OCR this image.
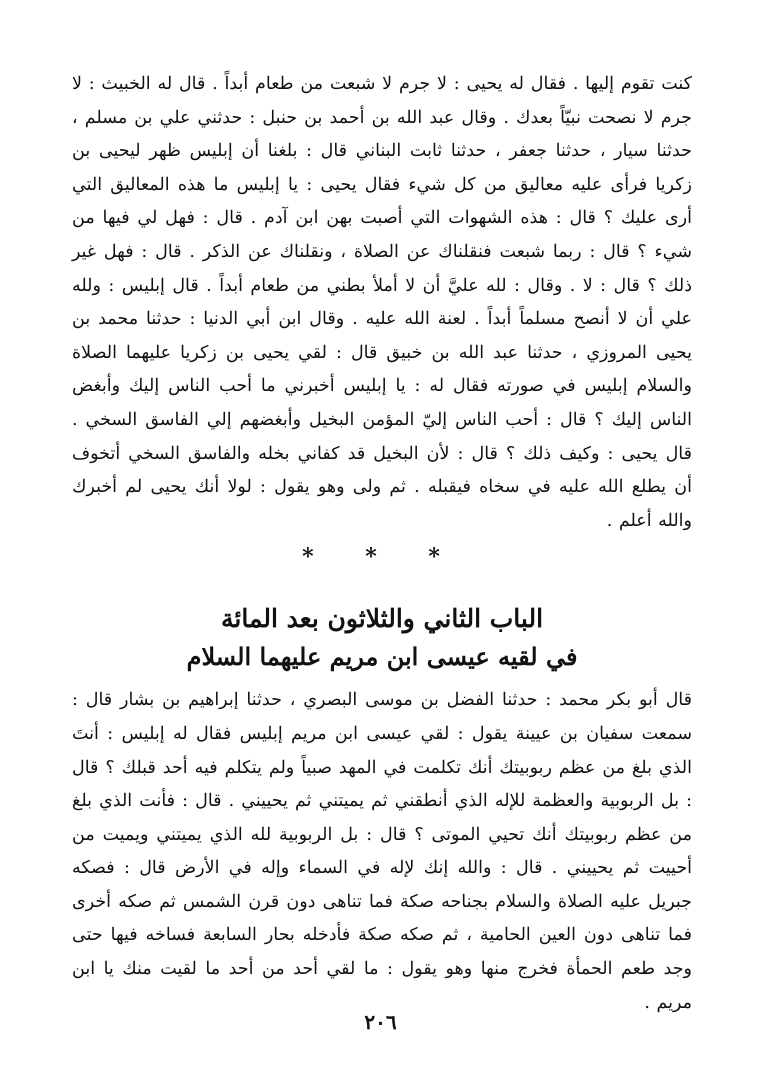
كنت تقوم إليها . فقال له يحيى : لا جرم لا شبعت من طعام أبداً . قال له الخبيث : لا جرم لا نصحت نبيّاً بعدك . وقال عبد الله بن أحمد بن حنبل : حدثني علي بن مسلم ، حدثنا سيار ، حدثنا جعفر ، حدثنا ثابت البناني قال : بلغنا أن إبليس ظهر ليحيى بن زكريا فرأى عليه معاليق من كل شيء فقال يحيى : يا إبليس ما هذه المعاليق التي أرى عليك ؟ قال : هذه الشهوات التي أصبت بهن ابن آدم . قال : فهل لي فيها من شيء ؟ قال : ربما شبعت فنقلناك عن الصلاة ، ونقلناك عن الذكر . قال : فهل غير ذلك ؟ قال : لا . وقال : لله عليَّ أن لا أملأ بطني من طعام أبداً . قال إبليس : ولله علي أن لا أنصح مسلماً أبداً . لعنة الله عليه . وقال ابن أبي الدنيا : حدثنا محمد بن يحيى المروزي ، حدثنا عبد الله بن خبيق قال : لقي يحيى بن زكريا عليهما الصلاة والسلام إبليس في صورته فقال له : يا إبليس أخبرني ما أحب الناس إليك وأبغض الناس إليك ؟ قال : أحب الناس إليّ المؤمن البخيل وأبغضهم إلي الفاسق السخي . قال يحيى : وكيف ذلك ؟ قال : لأن البخيل قد كفاني بخله والفاسق السخي أتخوف أن يطلع الله عليه في سخاه فيقبله . ثم ولى وهو يقول : لولا أنك يحيى لم أخبرك والله أعلم .

* * *
الباب الثاني والثلاثون بعد المائة
في لقيه عيسى ابن مريم عليهما السلام

قال أبو بكر محمد : حدثنا الفضل بن موسى البصري ، حدثنا إبراهيم بن بشار قال : سمعت سفيان بن عيينة يقول : لقي عيسى ابن مريم إبليس فقال له إبليس : أنتَ الذي بلغ من عظم ربوبيتك أنك تكلمت في المهد صبياً ولم يتكلم فيه أحد قبلك ؟ قال : بل الربوبية والعظمة للإله الذي أنطقني ثم يميتني ثم يحييني . قال : فأنت الذي بلغ من عظم ربوبيتك أنك تحيي الموتى ؟ قال : بل الربوبية لله الذي يميتني ويميت من أحييت ثم يحييني . قال : والله إنك لإله في السماء وإله في الأرض قال : فصكه جبريل عليه الصلاة والسلام بجناحه صكة فما تناهى دون قرن الشمس ثم صكه أخرى فما تناهى دون العين الحامية ، ثم صكه صكة فأدخله بحار السابعة فساخه فيها حتى وجد طعم الحمأة فخرج منها وهو يقول : ما لقي أحد من أحد ما لقيت منك يا ابن مريم .

٢٠٦
